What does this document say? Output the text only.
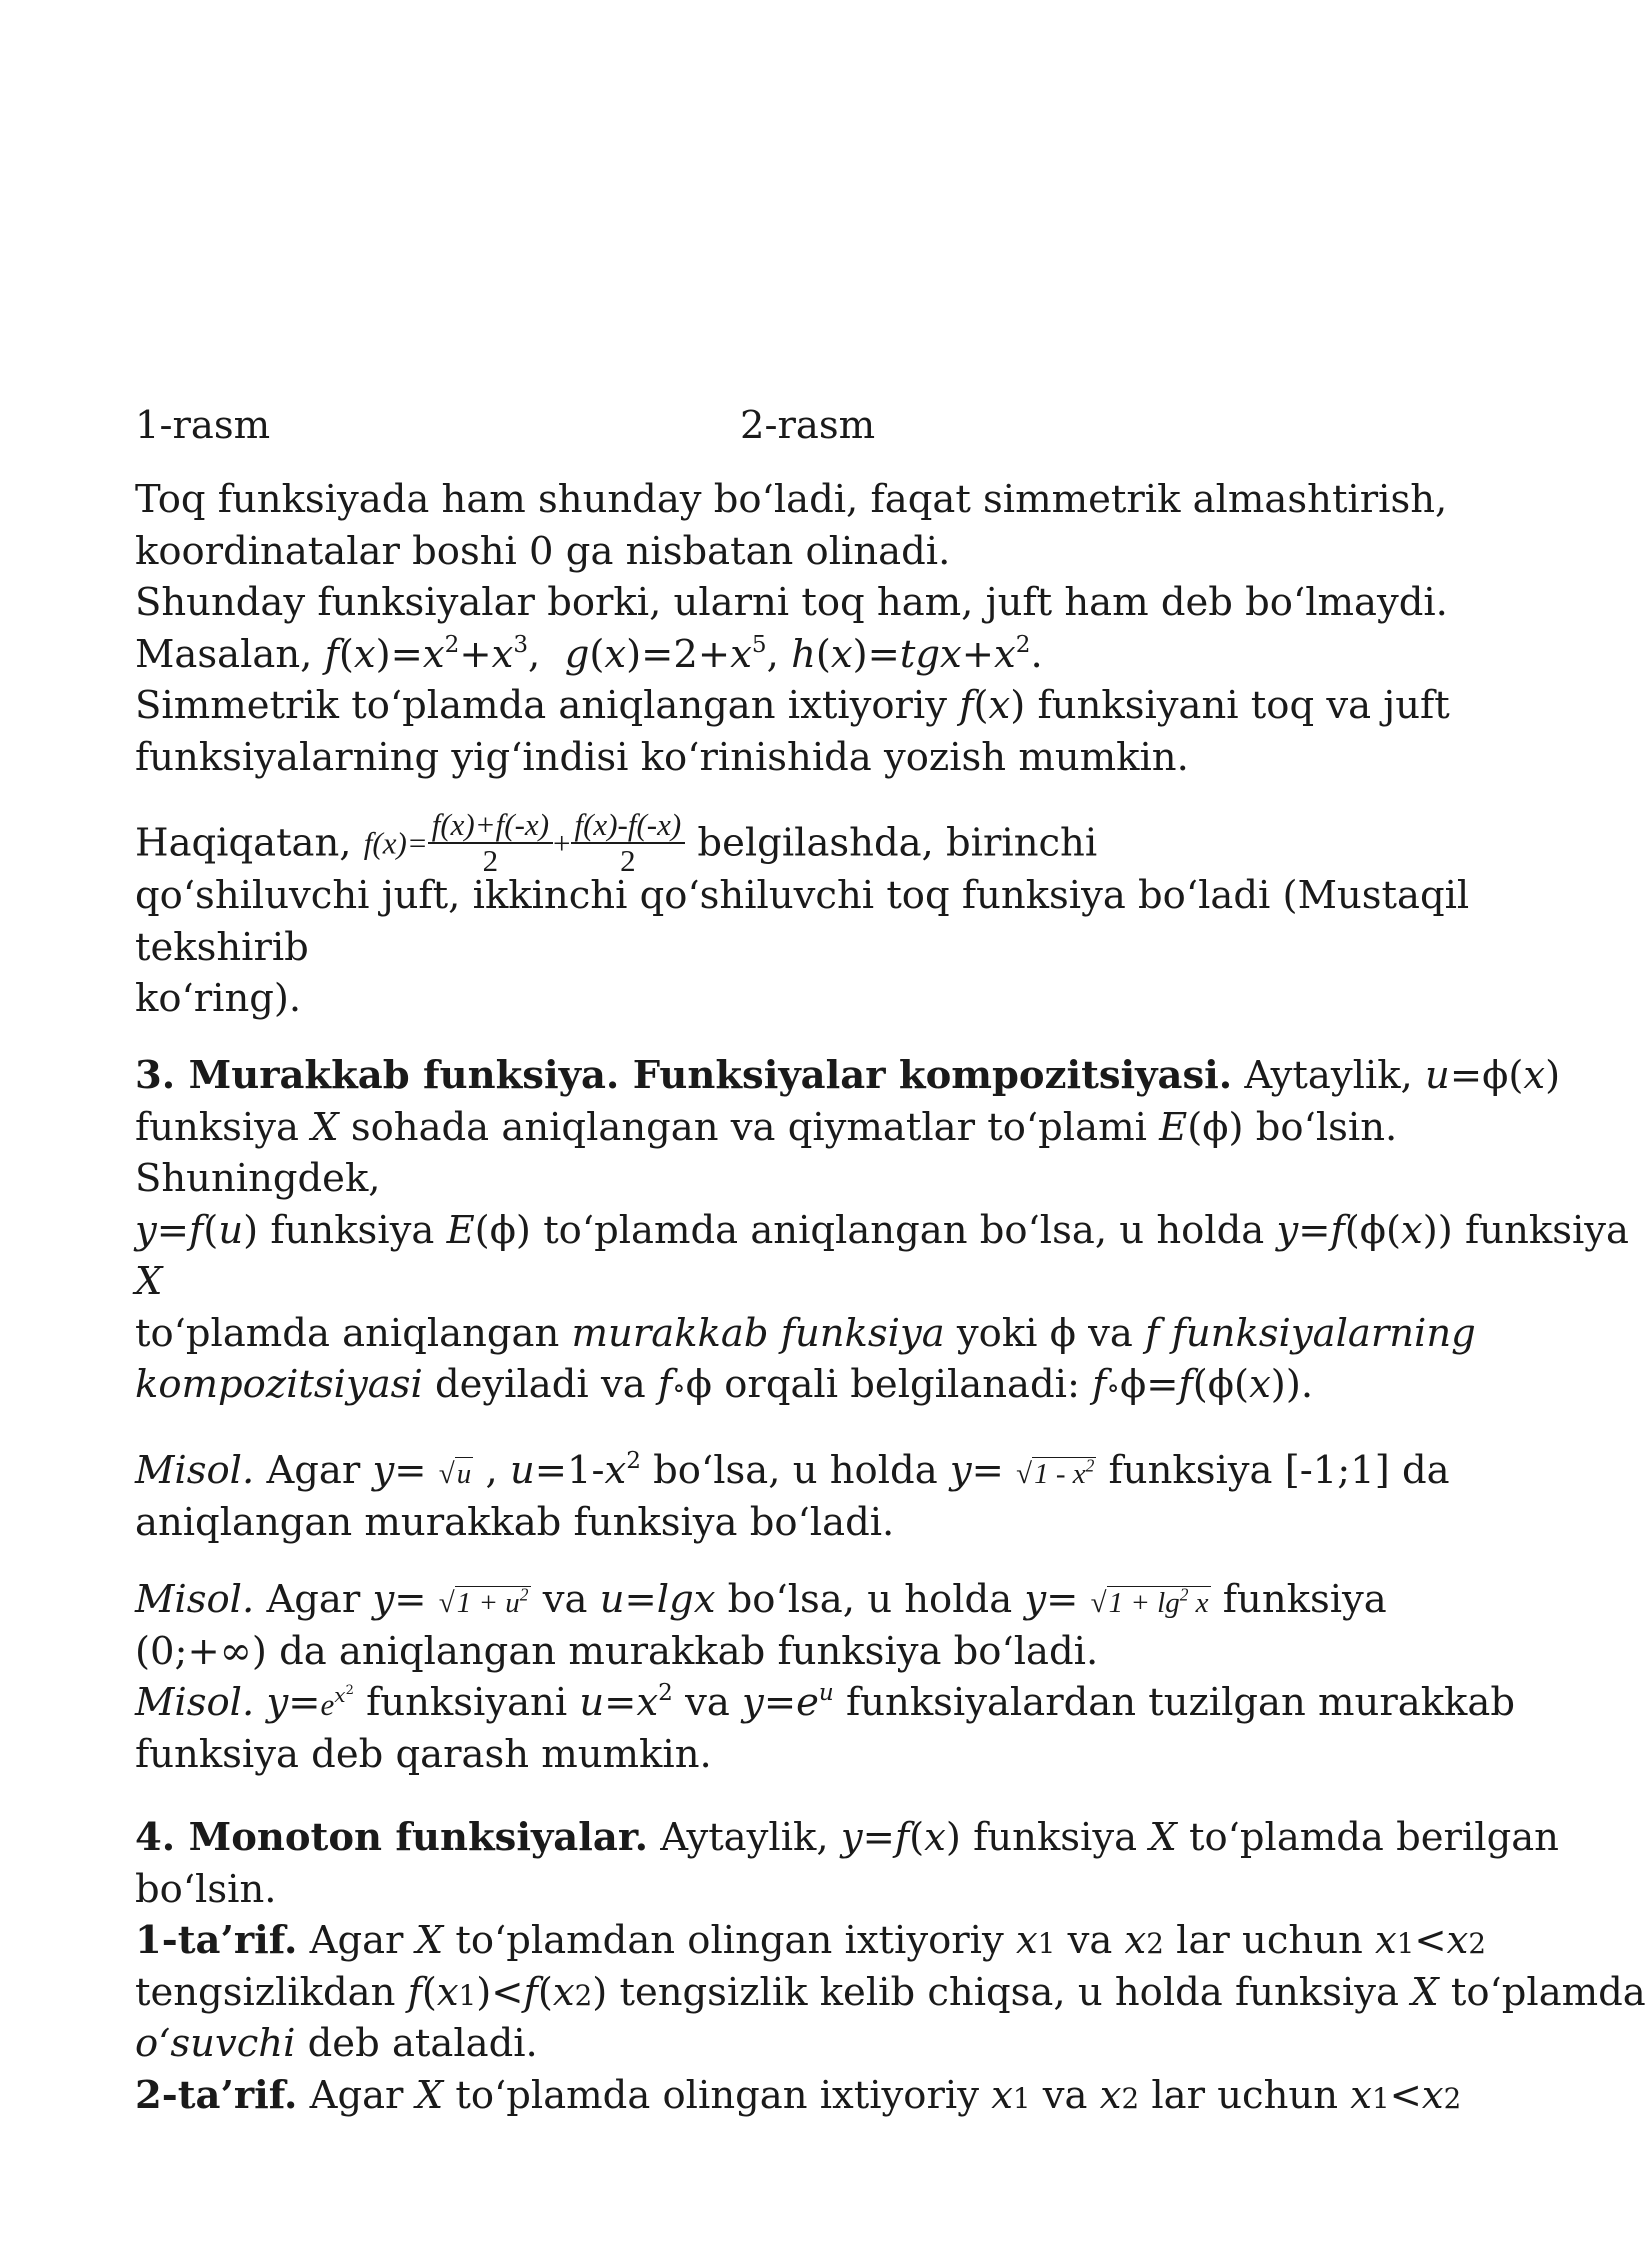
1-rasm	2-rasm
Toq funksiyada ham shunday bo‘ladi, faqat simmetrik almashtirish,
koordinatalar boshi 0 ga nisbatan olinadi.
Shunday funksiyalar borki, ularni toq ham, juft ham deb bo‘lmaydi.
Masalan, $f(x)=x^2+x^3$,  $g(x)=2+x^5$, $h(x)=tgx+x^2$.
Simmetrik to‘plamda aniqlangan ixtiyoriy f(x) funksiyani toq va juft
funksiyalarning yig‘indisi ko‘rinishida yozish mumkin.
Haqiqatan, $f(x)= \frac{f(x)+f(-x)}{2} + \frac{f(x)-f(-x)}{2}$ belgilashda, birinchi
qo‘shiluvchi juft, ikkinchi qo‘shiluvchi toq funksiya bo‘ladi (Mustaqil
tekshirib
ko‘ring).
3. Murakkab funksiya. Funksiyalar kompozitsiyasi. Aytaylik, u=ϕ(x)
funksiya X sohada aniqlangan va qiymatlar to‘plami E(ϕ) bo‘lsin.
Shuningdek,
y=f(u) funksiya E(ϕ) to‘plamda aniqlangan bo‘lsa, u holda y=f(ϕ(x)) funksiya
X
to‘plamda aniqlangan murakkab funksiya yoki ϕ va f funksiyalarning
kompozitsiyasi deyiladi va f∘ϕ orqali belgilanadi: f∘ϕ=f(ϕ(x)).
Misol. Agar y= √u , $u=1-x^2$ bo‘lsa, u holda $y= √1 - x^2$ funksiya [-1;1] da
aniqlangan murakkab funksiya bo‘ladi.
Misol. Agar $y= √1 + u^2$ va u=lgx bo‘lsa, u holda $y= √1 + \lg^2 x$ funksiya
(0;+∞) da aniqlangan murakkab funksiya bo‘ladi.
Misol. $y=e^{x^2}$ funksiyani $u=x^2$ va $y=e^u$ funksiyalardan tuzilgan murakkab
funksiya deb qarash mumkin.
4. Monoton funksiyalar. Aytaylik, y=f(x) funksiya X to‘plamda berilgan
bo‘lsin.
1-ta’rif. Agar X to‘plamdan olingan ixtiyoriy x1 va x2 lar uchun x1<x2
tengsizlikdan f(x1)<f(x2) tengsizlik kelib chiqsa, u holda funksiya X to‘plamda
o‘suvchi deb ataladi.
2-ta’rif. Agar X to‘plamda olingan ixtiyoriy x1 va x2 lar uchun x1<x2
